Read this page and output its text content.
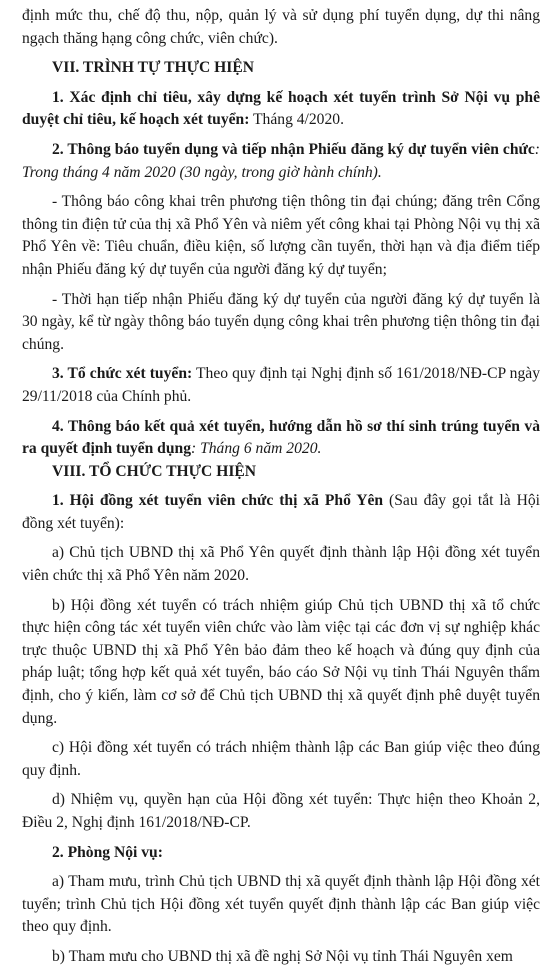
định mức thu, chế độ thu, nộp, quản lý và sử dụng phí tuyển dụng, dự thi nâng ngạch thăng hạng công chức, viên chức).

VII. TRÌNH TỰ THỰC HIỆN

1. Xác định chỉ tiêu, xây dựng kế hoạch xét tuyển trình Sở Nội vụ phê duyệt chỉ tiêu, kế hoạch xét tuyển: Tháng 4/2020.

2. Thông báo tuyển dụng và tiếp nhận Phiếu đăng ký dự tuyển viên chức: Trong tháng 4 năm 2020 (30 ngày, trong giờ hành chính).

- Thông báo công khai trên phương tiện thông tin đại chúng; đăng trên Cổng thông tin điện tử của thị xã Phổ Yên và niêm yết công khai tại Phòng Nội vụ thị xã Phổ Yên về: Tiêu chuẩn, điều kiện, số lượng cần tuyển, thời hạn và địa điểm tiếp nhận Phiếu đăng ký dự tuyển của người đăng ký dự tuyển;

- Thời hạn tiếp nhận Phiếu đăng ký dự tuyển của người đăng ký dự tuyển là 30 ngày, kể từ ngày thông báo tuyển dụng công khai trên phương tiện thông tin đại chúng.

3. Tổ chức xét tuyển: Theo quy định tại Nghị định số 161/2018/NĐ-CP ngày 29/11/2018 của Chính phủ.

4. Thông báo kết quả xét tuyển, hướng dẫn hồ sơ thí sinh trúng tuyển và ra quyết định tuyển dụng: Tháng 6 năm 2020.

VIII. TỔ CHỨC THỰC HIỆN

1. Hội đồng xét tuyển viên chức thị xã Phổ Yên (Sau đây gọi tắt là Hội đồng xét tuyển):

a) Chủ tịch UBND thị xã Phổ Yên quyết định thành lập Hội đồng xét tuyển viên chức thị xã Phổ Yên năm 2020.

b) Hội đồng xét tuyển có trách nhiệm giúp Chủ tịch UBND thị xã tổ chức thực hiện công tác xét tuyển viên chức vào làm việc tại các đơn vị sự nghiệp khác trực thuộc UBND thị xã Phổ Yên bảo đảm theo kế hoạch và đúng quy định của pháp luật; tổng hợp kết quả xét tuyển, báo cáo Sở Nội vụ tỉnh Thái Nguyên thẩm định, cho ý kiến, làm cơ sở để Chủ tịch UBND thị xã quyết định phê duyệt tuyển dụng.

c) Hội đồng xét tuyển có trách nhiệm thành lập các Ban giúp việc theo đúng quy định.

d) Nhiệm vụ, quyền hạn của Hội đồng xét tuyển: Thực hiện theo Khoản 2, Điều 2, Nghị định 161/2018/NĐ-CP.

2. Phòng Nội vụ:

a) Tham mưu, trình Chủ tịch UBND thị xã quyết định thành lập Hội đồng xét tuyển; trình Chủ tịch Hội đồng xét tuyển quyết định thành lập các Ban giúp việc theo quy định.

b) Tham mưu cho UBND thị xã đề nghị Sở Nội vụ tỉnh Thái Nguyên xem
